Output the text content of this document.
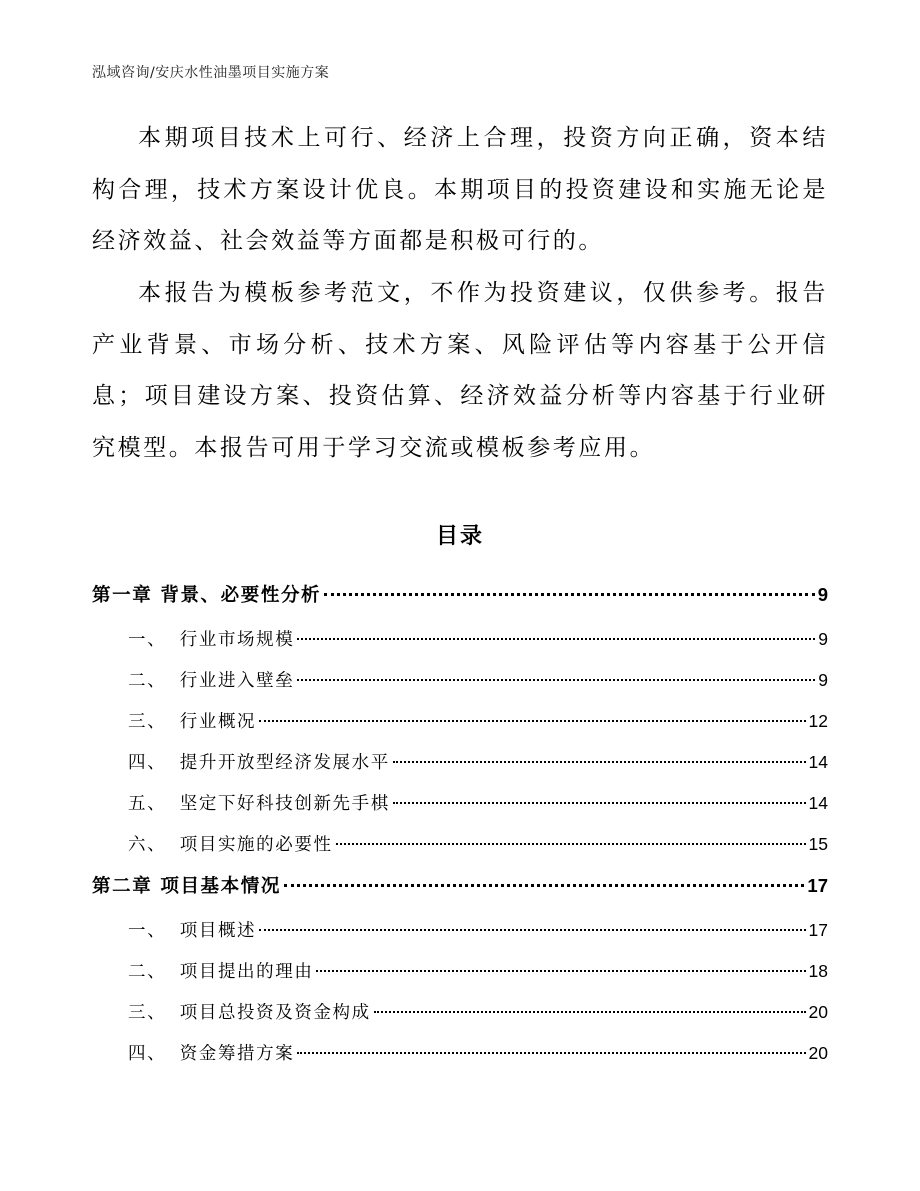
泓域咨询/安庆水性油墨项目实施方案

本期项目技术上可行、经济上合理，投资方向正确，资本结构合理，技术方案设计优良。本期项目的投资建设和实施无论是经济效益、社会效益等方面都是积极可行的。

本报告为模板参考范文，不作为投资建议，仅供参考。报告产业背景、市场分析、技术方案、风险评估等内容基于公开信息；项目建设方案、投资估算、经济效益分析等内容基于行业研究模型。本报告可用于学习交流或模板参考应用。

目录
第一章 背景、必要性分析	9
一、 行业市场规模	9
二、 行业进入壁垒	9
三、 行业概况	12
四、 提升开放型经济发展水平	14
五、 坚定下好科技创新先手棋	14
六、 项目实施的必要性	15
第二章 项目基本情况	17
一、 项目概述	17
二、 项目提出的理由	18
三、 项目总投资及资金构成	20
四、 资金筹措方案	20
